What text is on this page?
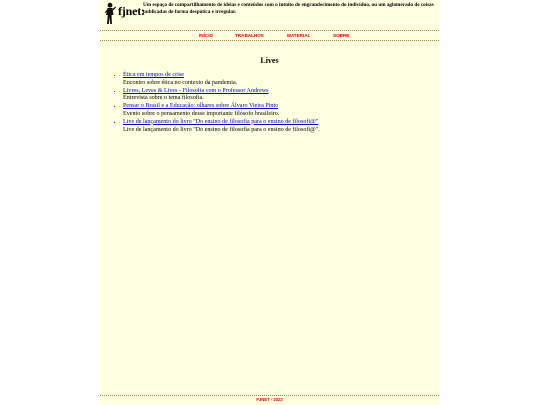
fjnet:
Um espaço de compartilhamento de ideias e conteúdos com o intuito de engrandecimento do indivíduo, ou um aglomerado de coisas publicadas de forma despótica e irregular.
INÍCIO	TRABALHOS	MATERIAL	SOBRE
Lives
• Ética em tempos de crise
Encontro sobre ética no contexto da pandemia.
• Livres, Leves & Lives - Filosofia com o Professor Andrews
Entrevista sobre o tema filosofia.
• Pensar o Brasil e a Educação: olhares sobre Álvaro Vieira Pinto
Evento sobre o pensamento desse importante filósofo brasileiro.
• Live de lançamento do livro "Do ensino de filosofia para o ensino de filosofi@"
Live de lançamento do livro "Do ensino de filosofia para o ensino de filosofi@".
FJNET - 2022
